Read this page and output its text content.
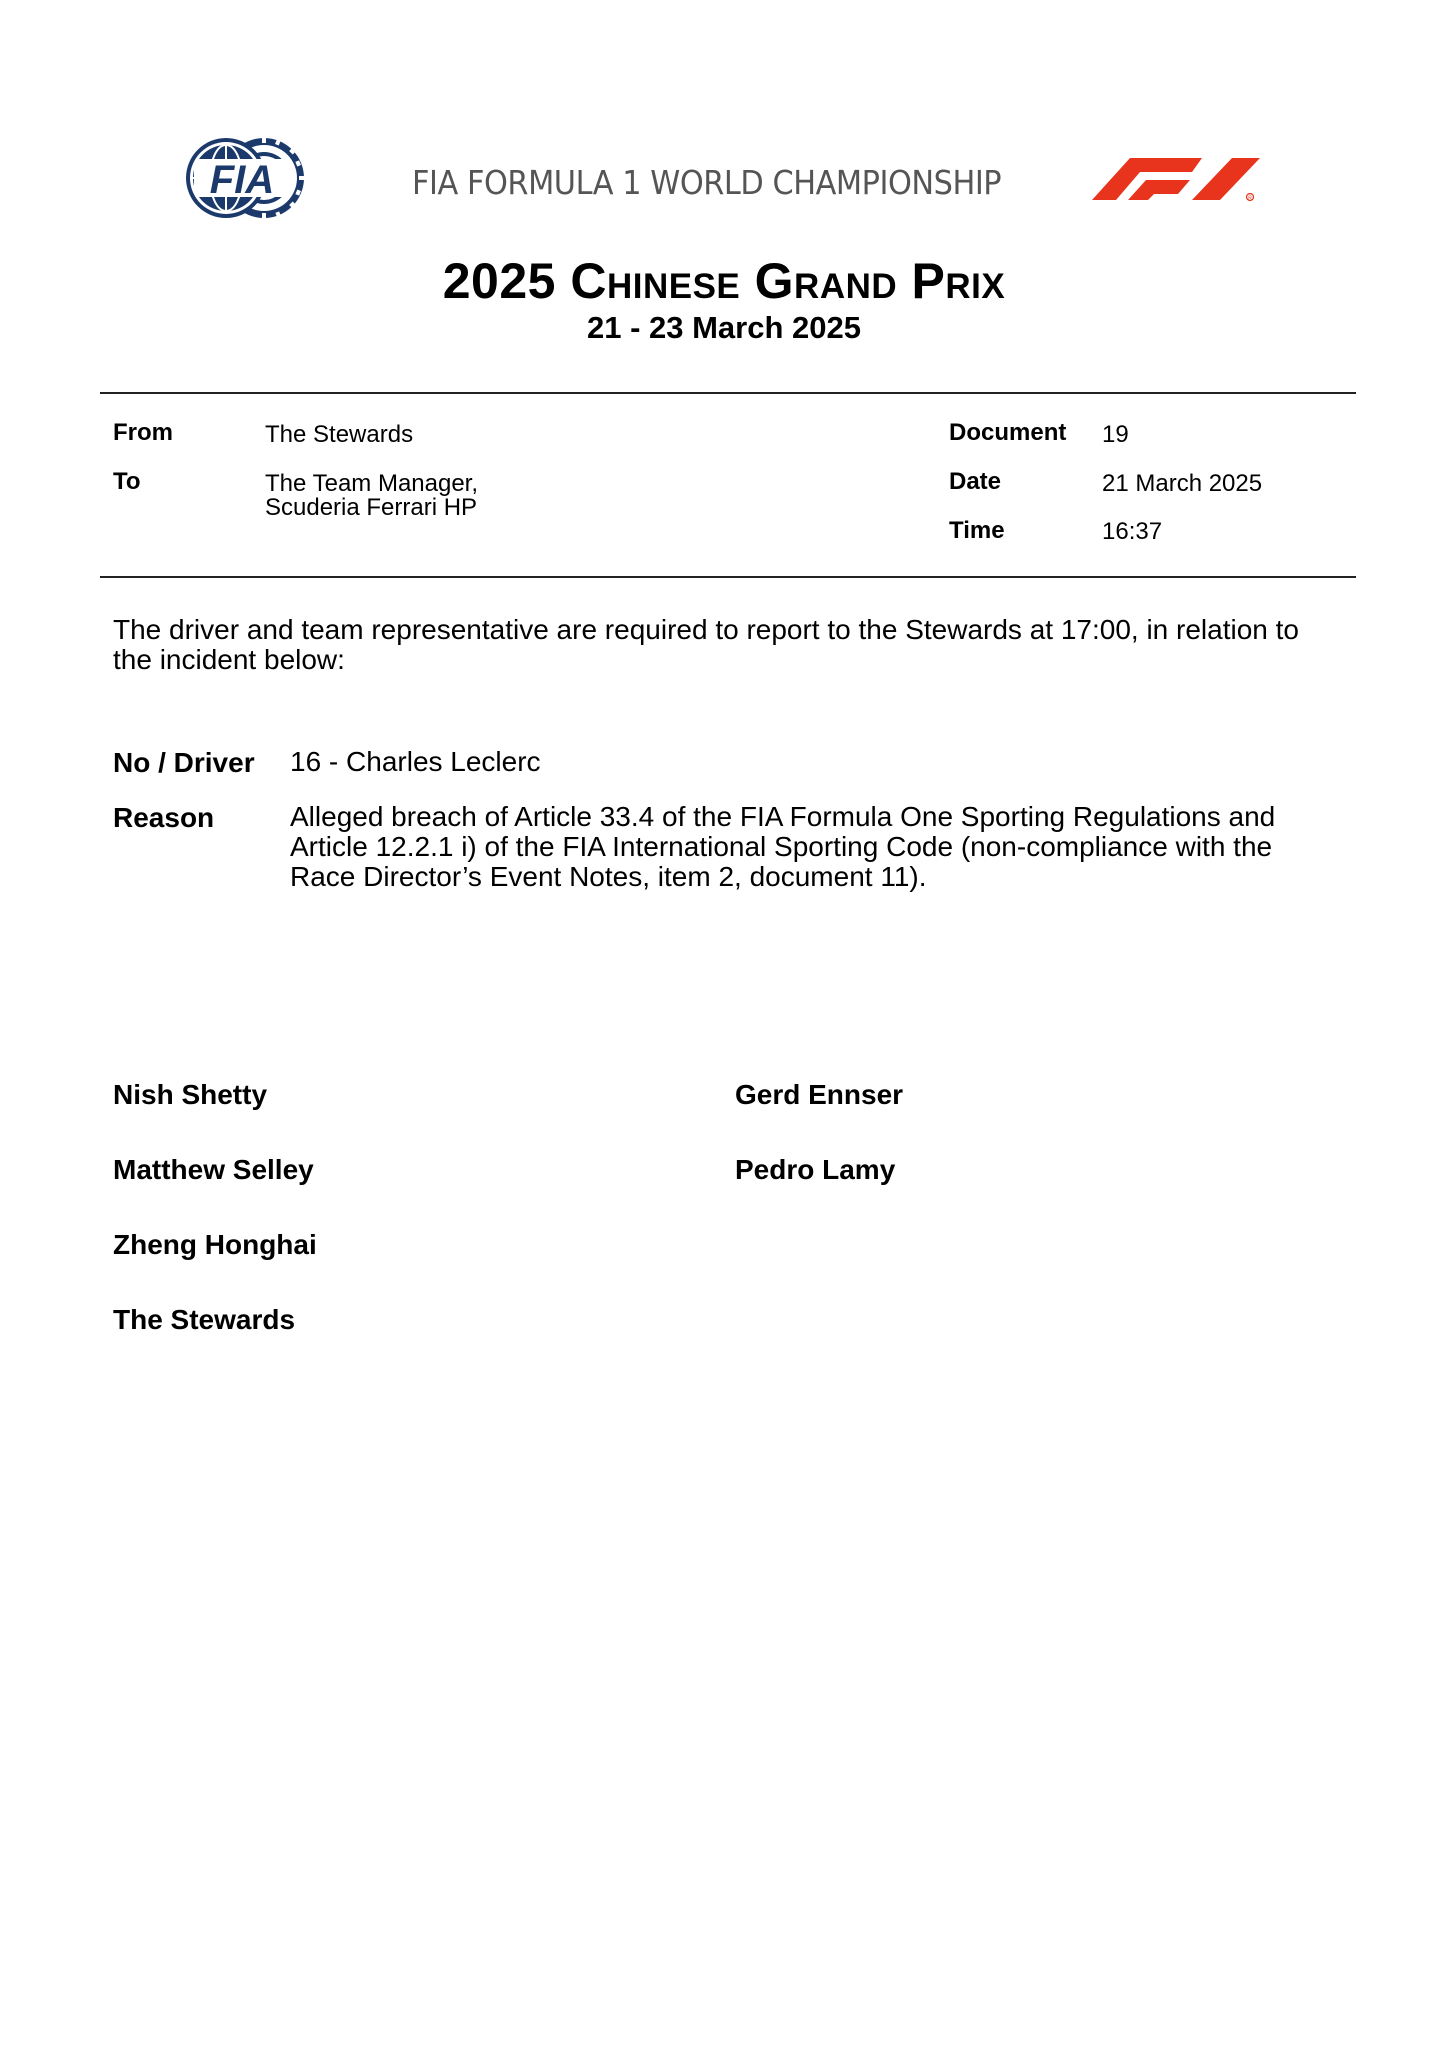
FIA	FIA FORMULA 1 WORLD CHAMPIONSHIP
F1
R
2025 Chinese Grand Prix
21 - 23 March 2025
From	The Stewards
To	The Team Manager,
Scuderia Ferrari HP
Document 19
Date	21 March 2025
Time	16:37
The driver and team representative are required to report to the Stewards at 17:00, in relation to the incident below:
No / Driver 16 - Charles Leclerc
Reason	Alleged breach of Article 33.4 of the FIA Formula One Sporting Regulations and Article 12.2.1 i) of the FIA International Sporting Code (non-compliance with the Race Director’s Event Notes, item 2, document 11).
Nish Shetty
Matthew Selley
Zheng Honghai
Gerd Ennser
Pedro Lamy
The Stewards
